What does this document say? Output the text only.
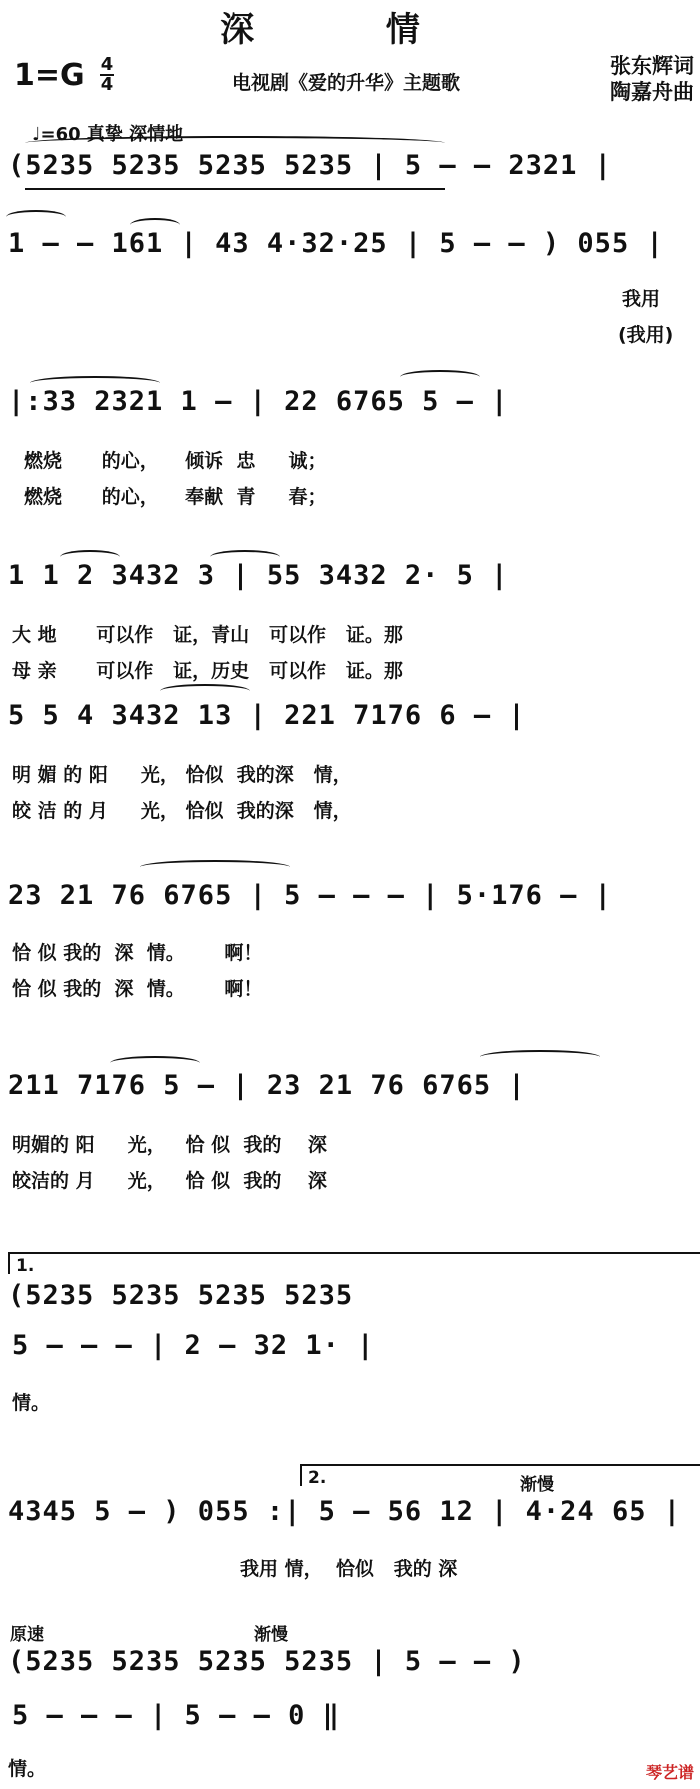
深 情
1=G 4
4	电视剧《爱的升华》主题歌
张东辉词
陶嘉舟曲
♩=60 真挚 深情地
(5235 5235 5235 5235 | 5 — — 2321 |
1 — — 161 | 43 4·32·25 | 5 — — ) 055 |
我用
(我用)
|:33 2321 1 — | 22 6765 5 — |
燃烧      的心，    倾诉  忠     诚；
燃烧      的心，    奉献  青     春；
1 1 2 3432 3 | 55 3432 2· 5 |
大 地      可以作   证，青山   可以作   证。那
母 亲      可以作   证，历史   可以作   证。那
5 5 4 3432 13 | 221 7176 6 — |
明 媚 的 阳     光， 恰似  我的深   情，
皎 洁 的 月     光， 恰似  我的深   情，
23 21 76 6765 | 5 — — — | 5·176 — |
恰 似 我的  深  情。      啊！
恰 似 我的  深  情。      啊！
211 7176 5 — | 23 21 76 6765 |
明媚的 阳     光，   恰 似  我的    深
皎洁的 月     光，   恰 似  我的    深
1.
(5235 5235 5235 5235
5 — — — | 2 — 32 1· |
情。
2.	渐慢
4345 5 — ) 055 :| 5 — 56 12 | 4·24 65 |
我用 情，  恰似   我的 深
原速	渐慢
(5235 5235 5235 5235 | 5 — — )
5 — — — | 5 — — 0 ‖
情。	琴艺谱
